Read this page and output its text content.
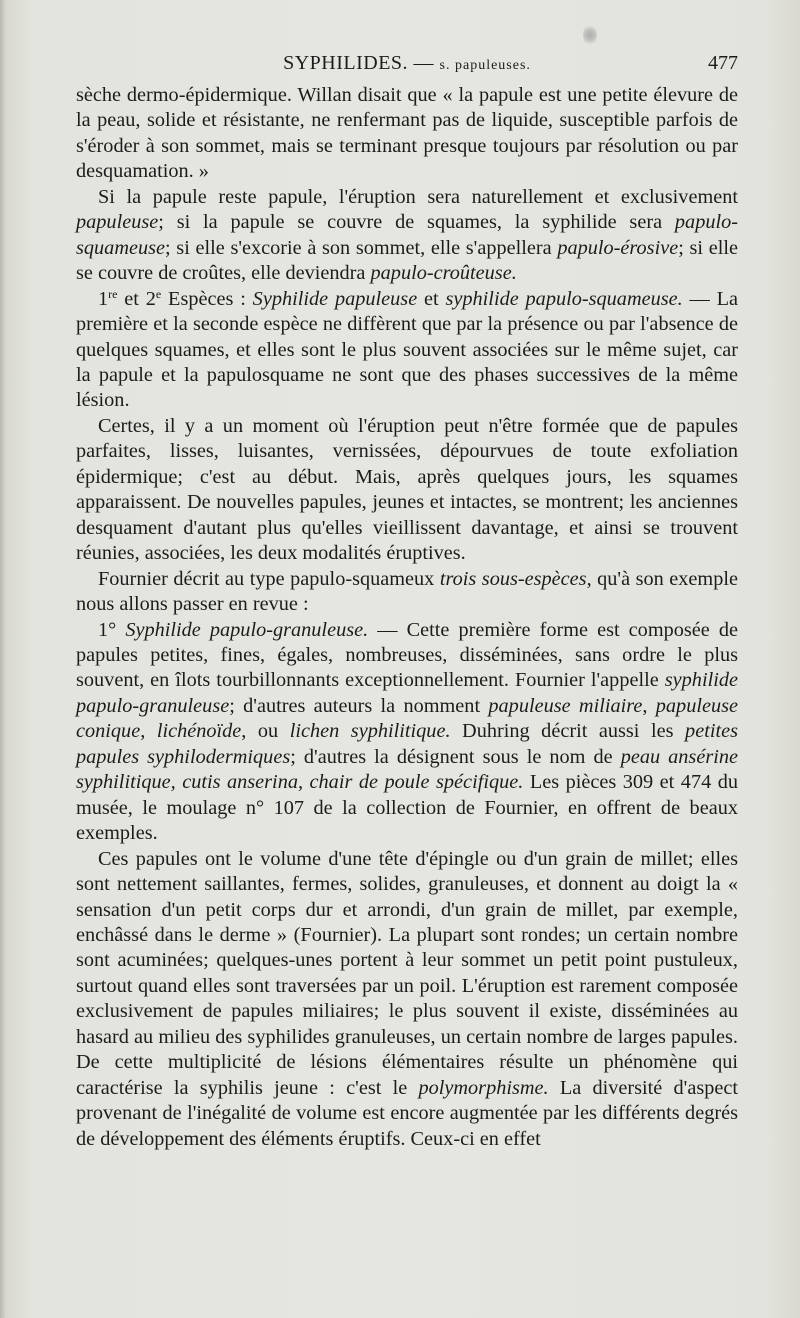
SYPHILIDES. — s. papuleuses.	477

sèche dermo-épidermique. Willan disait que « la papule est une petite élevure de la peau, solide et résistante, ne renfermant pas de liquide, susceptible parfois de s'éroder à son sommet, mais se terminant presque toujours par résolution ou par desquamation. »

Si la papule reste papule, l'éruption sera naturellement et exclusivement papuleuse; si la papule se couvre de squames, la syphilide sera papulo-squameuse; si elle s'excorie à son sommet, elle s'appellera papulo-érosive; si elle se couvre de croûtes, elle deviendra papulo-croûteuse.

1re et 2e Espèces : Syphilide papuleuse et syphilide papulo-squameuse. — La première et la seconde espèce ne diffèrent que par la présence ou par l'absence de quelques squames, et elles sont le plus souvent associées sur le même sujet, car la papule et la papulosquame ne sont que des phases successives de la même lésion.

Certes, il y a un moment où l'éruption peut n'être formée que de papules parfaites, lisses, luisantes, vernissées, dépourvues de toute exfoliation épidermique; c'est au début. Mais, après quelques jours, les squames apparaissent. De nouvelles papules, jeunes et intactes, se montrent; les anciennes desquament d'autant plus qu'elles vieillissent davantage, et ainsi se trouvent réunies, associées, les deux modalités éruptives.

Fournier décrit au type papulo-squameux trois sous-espèces, qu'à son exemple nous allons passer en revue :

1° Syphilide papulo-granuleuse. — Cette première forme est composée de papules petites, fines, égales, nombreuses, disséminées, sans ordre le plus souvent, en îlots tourbillonnants exceptionnellement. Fournier l'appelle syphilide papulo-granuleuse; d'autres auteurs la nomment papuleuse miliaire, papuleuse conique, lichénoïde, ou lichen syphilitique. Duhring décrit aussi les petites papules syphilodermiques; d'autres la désignent sous le nom de peau ansérine syphilitique, cutis anserina, chair de poule spécifique. Les pièces 309 et 474 du musée, le moulage n° 107 de la collection de Fournier, en offrent de beaux exemples.

Ces papules ont le volume d'une tête d'épingle ou d'un grain de millet; elles sont nettement saillantes, fermes, solides, granuleuses, et donnent au doigt la « sensation d'un petit corps dur et arrondi, d'un grain de millet, par exemple, enchâssé dans le derme » (Fournier). La plupart sont rondes; un certain nombre sont acuminées; quelques-unes portent à leur sommet un petit point pustuleux, surtout quand elles sont traversées par un poil. L'éruption est rarement composée exclusivement de papules miliaires; le plus souvent il existe, disséminées au hasard au milieu des syphilides granuleuses, un certain nombre de larges papules. De cette multiplicité de lésions élémentaires résulte un phénomène qui caractérise la syphilis jeune : c'est le polymorphisme. La diversité d'aspect provenant de l'inégalité de volume est encore augmentée par les différents degrés de développement des éléments éruptifs. Ceux-ci en effet
